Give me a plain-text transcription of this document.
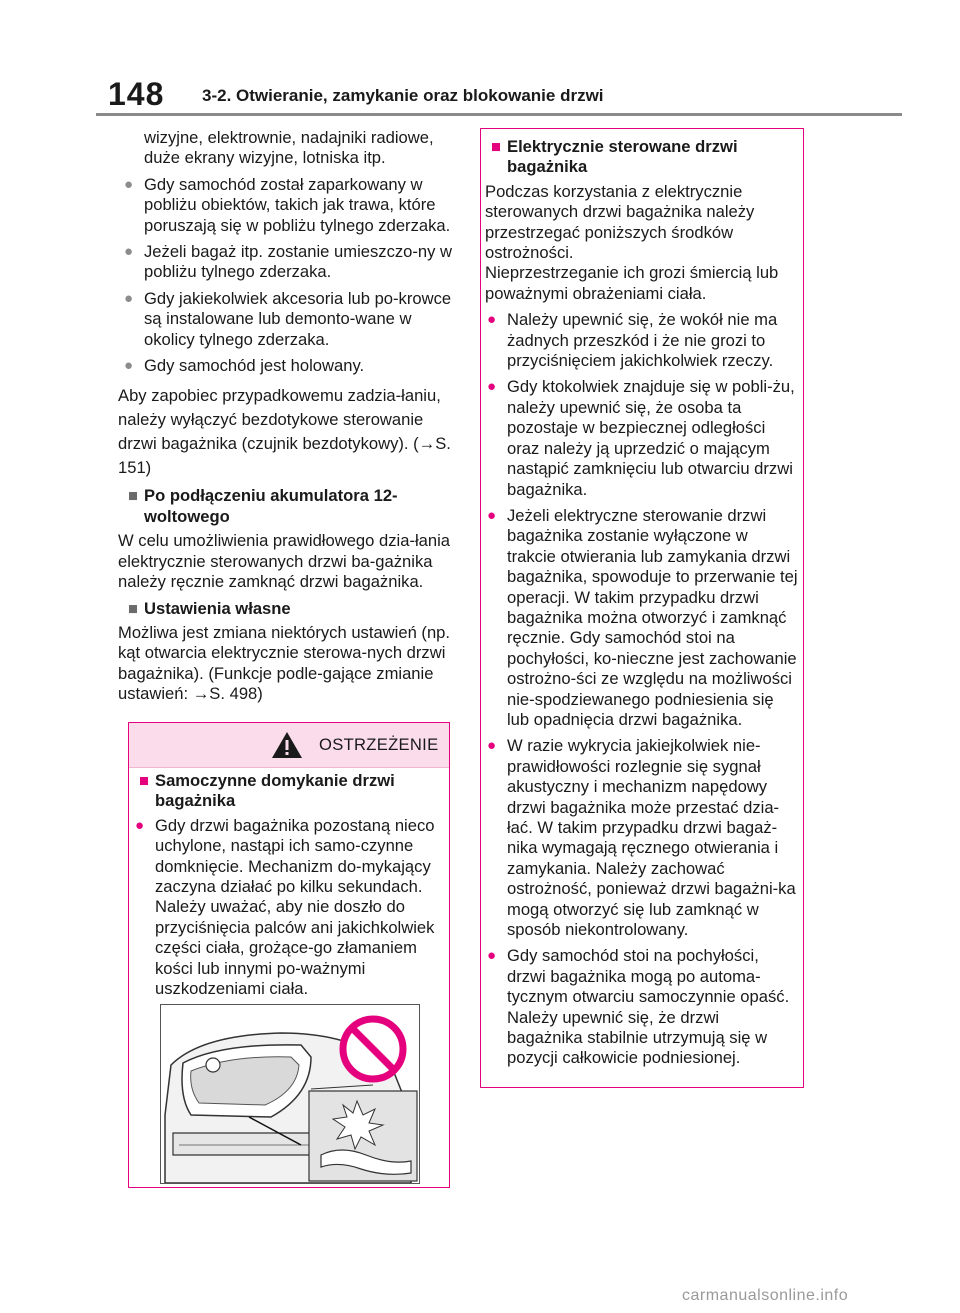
148 3-2. Otwieranie, zamykanie oraz blokowanie drzwi

wizyjne, elektrownie, nadajniki radiowe, duże ekrany wizyjne, lotniska itp.

● Gdy samochód został zaparkowany w pobliżu obiektów, takich jak trawa, które poruszają się w pobliżu tylnego zderzaka.
● Jeżeli bagaż itp. zostanie umieszczo-ny w pobliżu tylnego zderzaka.
● Gdy jakiekolwiek akcesoria lub po-krowce są instalowane lub demonto-wane w okolicy tylnego zderzaka.
● Gdy samochód jest holowany.

Aby zapobiec przypadkowemu zadzia-łaniu, należy wyłączyć bezdotykowe sterowanie drzwi bagażnika (czujnik bezdotykowy). (→S. 151)

■ Po podłączeniu akumulatora 12-woltowego

W celu umożliwienia prawidłowego dzia-łania elektrycznie sterowanych drzwi ba-gażnika należy ręcznie zamknąć drzwi bagażnika.

■ Ustawienia własne

Możliwa jest zmiana niektórych ustawień (np. kąt otwarcia elektrycznie sterowa-nych drzwi bagażnika). (Funkcje podle-gające zmianie ustawień: →S. 498)

OSTRZEŻENIE
■ Samoczynne domykanie drzwi bagażnika
● Gdy drzwi bagażnika pozostaną nieco uchylone, nastąpi ich samo-czynne domknięcie. Mechanizm do-mykający zaczyna działać po kilku sekundach. Należy uważać, aby nie doszło do przyciśnięcia palców ani jakichkolwiek części ciała, grożące-go złamaniem kości lub innymi po-ważnymi uszkodzeniami ciała.
■ Elektrycznie sterowane drzwi bagażnika

Podczas korzystania z elektrycznie sterowanych drzwi bagażnika należy przestrzegać poniższych środków ostrożności.

Nieprzestrzeganie ich grozi śmiercią lub poważnymi obrażeniami ciała.

● Należy upewnić się, że wokół nie ma żadnych przeszkód i że nie grozi to przyciśnięciem jakichkolwiek rzeczy.
● Gdy ktokolwiek znajduje się w pobli-żu, należy upewnić się, że osoba ta pozostaje w bezpiecznej odległości oraz należy ją uprzedzić o mającym nastąpić zamknięciu lub otwarciu drzwi bagażnika.
● Jeżeli elektryczne sterowanie drzwi bagażnika zostanie wyłączone w trakcie otwierania lub zamykania drzwi bagażnika, spowoduje to przerwanie tej operacji. W takim przypadku drzwi bagażnika można otworzyć i zamknąć ręcznie. Gdy samochód stoi na pochyłości, ko-nieczne jest zachowanie ostrożno-ści ze względu na możliwości nie-spodziewanego podniesienia się lub opadnięcia drzwi bagażnika.
● W razie wykrycia jakiejkolwiek nie-prawidłowości rozlegnie się sygnał akustyczny i mechanizm napędowy drzwi bagażnika może przestać dzia-łać. W takim przypadku drzwi bagaż-nika wymagają ręcznego otwierania i zamykania. Należy zachować ostrożność, ponieważ drzwi bagażni-ka mogą otworzyć się lub zamknąć w sposób niekontrolowany.
● Gdy samochód stoi na pochyłości, drzwi bagażnika mogą po automa-tycznym otwarciu samoczynnie opaść. Należy upewnić się, że drzwi bagażnika stabilnie utrzymują się w pozycji całkowicie podniesionej.
carmanualsonline.info
